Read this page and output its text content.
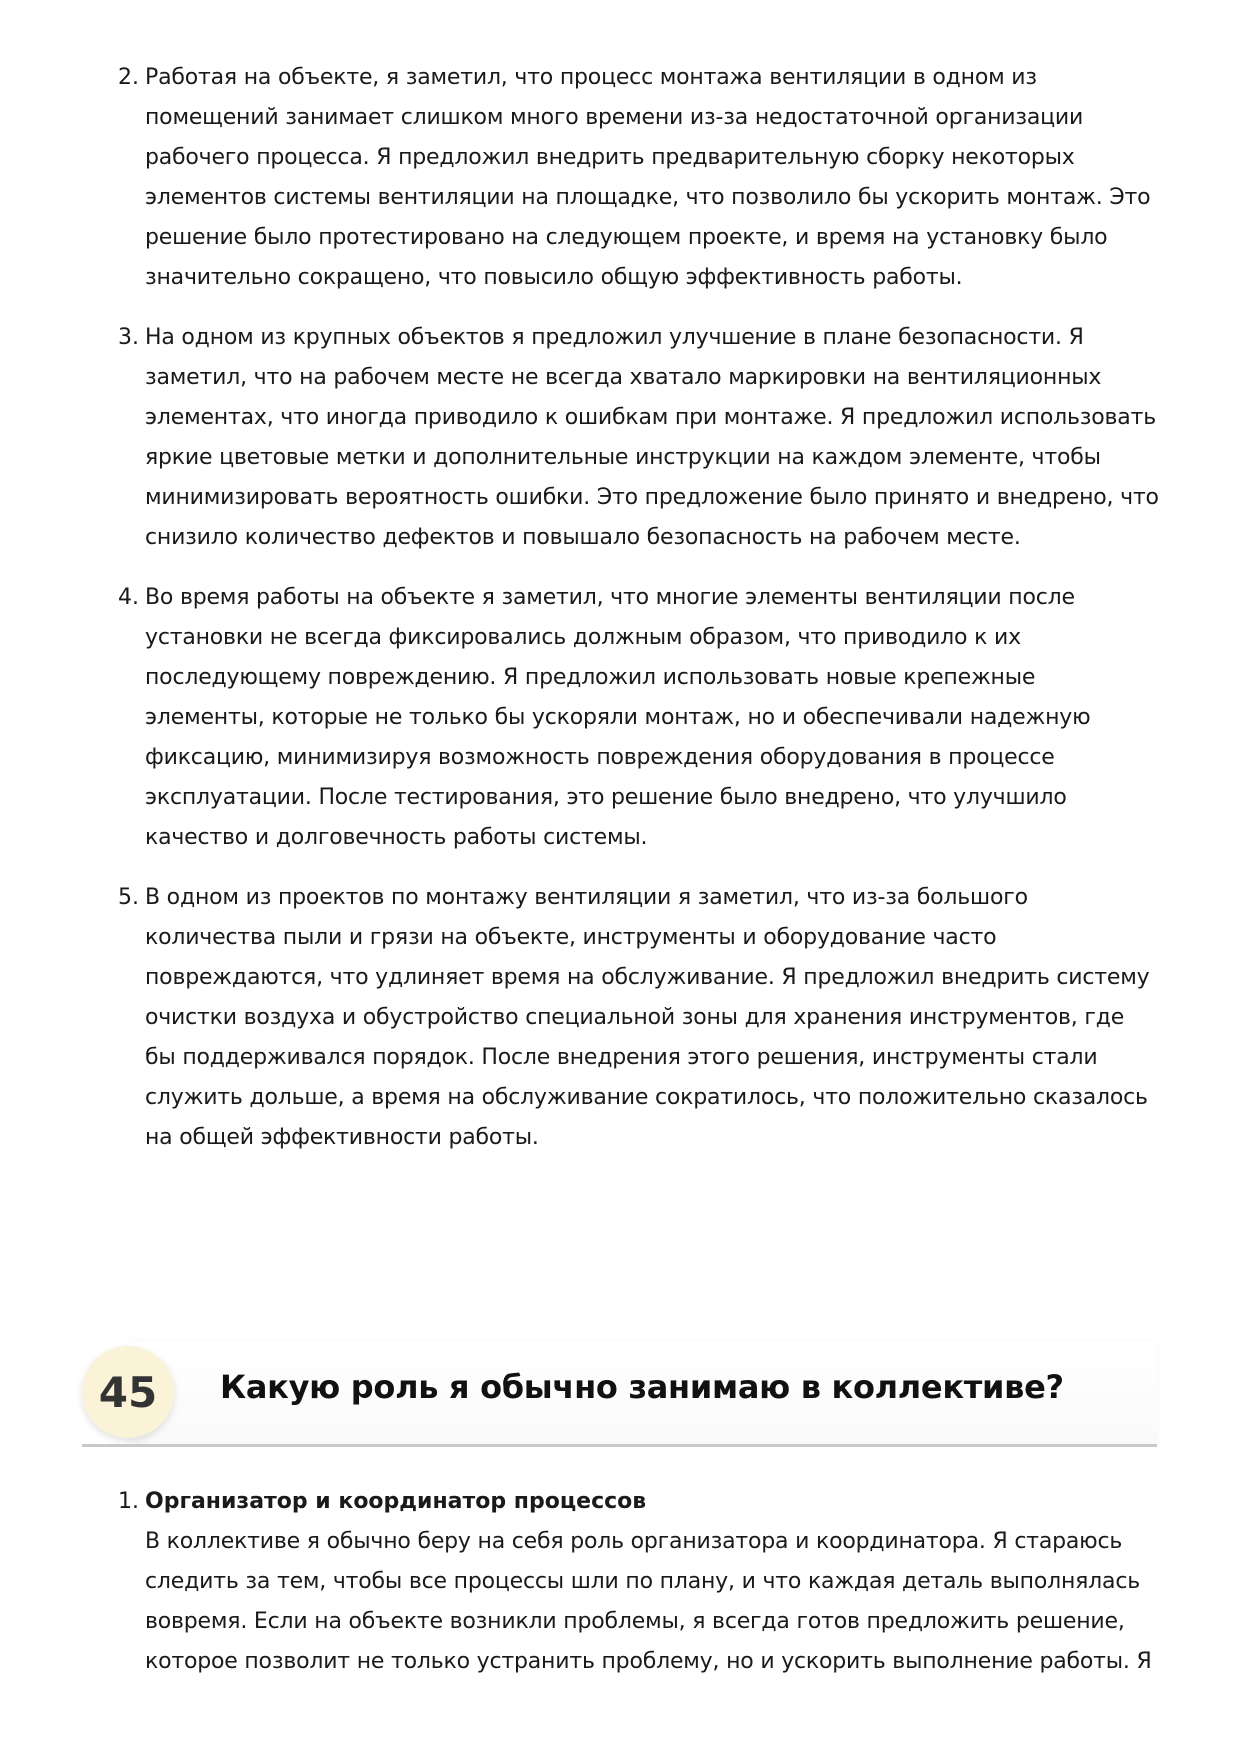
2. Работая на объекте, я заметил, что процесс монтажа вентиляции в одном из помещений занимает слишком много времени из-за недостаточной организации рабочего процесса. Я предложил внедрить предварительную сборку некоторых элементов системы вентиляции на площадке, что позволило бы ускорить монтаж. Это решение было протестировано на следующем проекте, и время на установку было значительно сокращено, что повысило общую эффективность работы.

3. На одном из крупных объектов я предложил улучшение в плане безопасности. Я заметил, что на рабочем месте не всегда хватало маркировки на вентиляционных элементах, что иногда приводило к ошибкам при монтаже. Я предложил использовать яркие цветовые метки и дополнительные инструкции на каждом элементе, чтобы минимизировать вероятность ошибки. Это предложение было принято и внедрено, что снизило количество дефектов и повышало безопасность на рабочем месте.

4. Во время работы на объекте я заметил, что многие элементы вентиляции после установки не всегда фиксировались должным образом, что приводило к их последующему повреждению. Я предложил использовать новые крепежные элементы, которые не только бы ускоряли монтаж, но и обеспечивали надежную фиксацию, минимизируя возможность повреждения оборудования в процессе эксплуатации. После тестирования, это решение было внедрено, что улучшило качество и долговечность работы системы.

5. В одном из проектов по монтажу вентиляции я заметил, что из-за большого количества пыли и грязи на объекте, инструменты и оборудование часто повреждаются, что удлиняет время на обслуживание. Я предложил внедрить систему очистки воздуха и обустройство специальной зоны для хранения инструментов, где бы поддерживался порядок. После внедрения этого решения, инструменты стали служить дольше, а время на обслуживание сократилось, что положительно сказалось на общей эффективности работы.

45 Какую роль я обычно занимаю в коллективе?
1. Организатор и координатор процессов

В коллективе я обычно беру на себя роль организатора и координатора. Я стараюсь следить за тем, чтобы все процессы шли по плану, и что каждая деталь выполнялась вовремя. Если на объекте возникли проблемы, я всегда готов предложить решение, которое позволит не только устранить проблему, но и ускорить выполнение работы. Я
